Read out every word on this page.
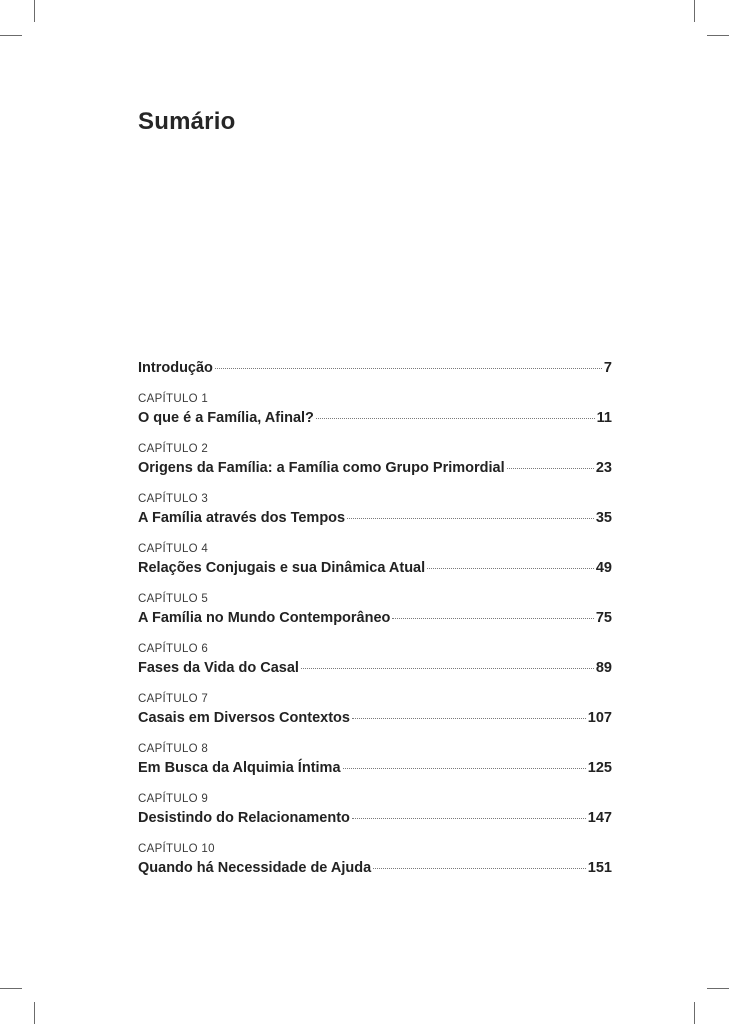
Sumário
Introdução	7
CAPÍTULO 1
O que é a Família, Afinal?	11
CAPÍTULO 2
Origens da Família: a Família como Grupo Primordial	23
CAPÍTULO 3
A Família através dos Tempos	35
CAPÍTULO 4
Relações Conjugais e sua Dinâmica Atual	49
CAPÍTULO 5
A Família no Mundo Contemporâneo	75
CAPÍTULO 6
Fases da Vida do Casal	89
CAPÍTULO 7
Casais em Diversos Contextos	107
CAPÍTULO 8
Em Busca da Alquimia Íntima	125
CAPÍTULO 9
Desistindo do Relacionamento	147
CAPÍTULO 10
Quando há Necessidade de Ajuda	151
